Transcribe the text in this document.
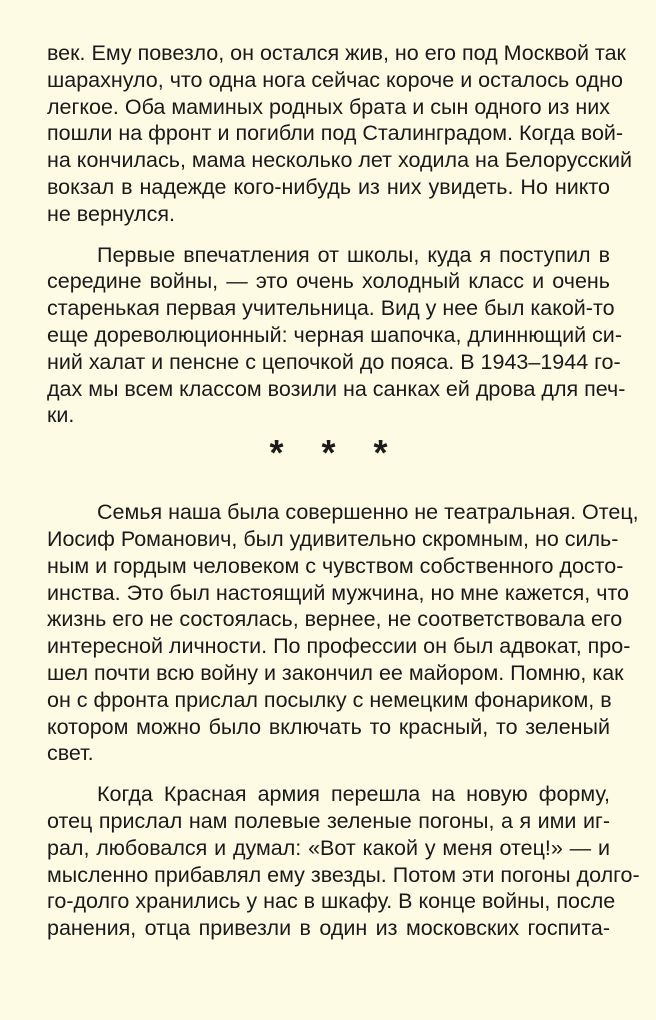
век. Ему повезло, он остался жив, но его под Москвой так
шарахнуло, что одна нога сейчас короче и осталось одно
легкое. Оба маминых родных брата и сын одного из них
пошли на фронт и погибли под Сталинградом. Когда вой-
на кончилась, мама несколько лет ходила на Белорусский
вокзал в надежде кого-нибудь из них увидеть. Но никто
не вернулся.
Первые впечатления от школы, куда я поступил в
середине войны, — это очень холодный класс и очень
старенькая первая учительница. Вид у нее был какой-то
еще дореволюционный: черная шапочка, длиннющий си-
ний халат и пенсне с цепочкой до пояса. В 1943–1944 го-
дах мы всем классом возили на санках ей дрова для печ-
ки.
* * *
Семья наша была совершенно не театральная. Отец,
Иосиф Романович, был удивительно скромным, но силь-
ным и гордым человеком с чувством собственного досто-
инства. Это был настоящий мужчина, но мне кажется, что
жизнь его не состоялась, вернее, не соответствовала его
интересной личности. По профессии он был адвокат, про-
шел почти всю войну и закончил ее майором. Помню, как
он с фронта прислал посылку с немецким фонариком, в
котором можно было включать то красный, то зеленый
свет.
Когда Красная армия перешла на новую форму,
отец прислал нам полевые зеленые погоны, а я ими иг-
рал, любовался и думал: «Вот какой у меня отец!» — и
мысленно прибавлял ему звезды. Потом эти погоны долго-
го-долго хранились у нас в шкафу. В конце войны, после
ранения, отца привезли в один из московских госпита-
